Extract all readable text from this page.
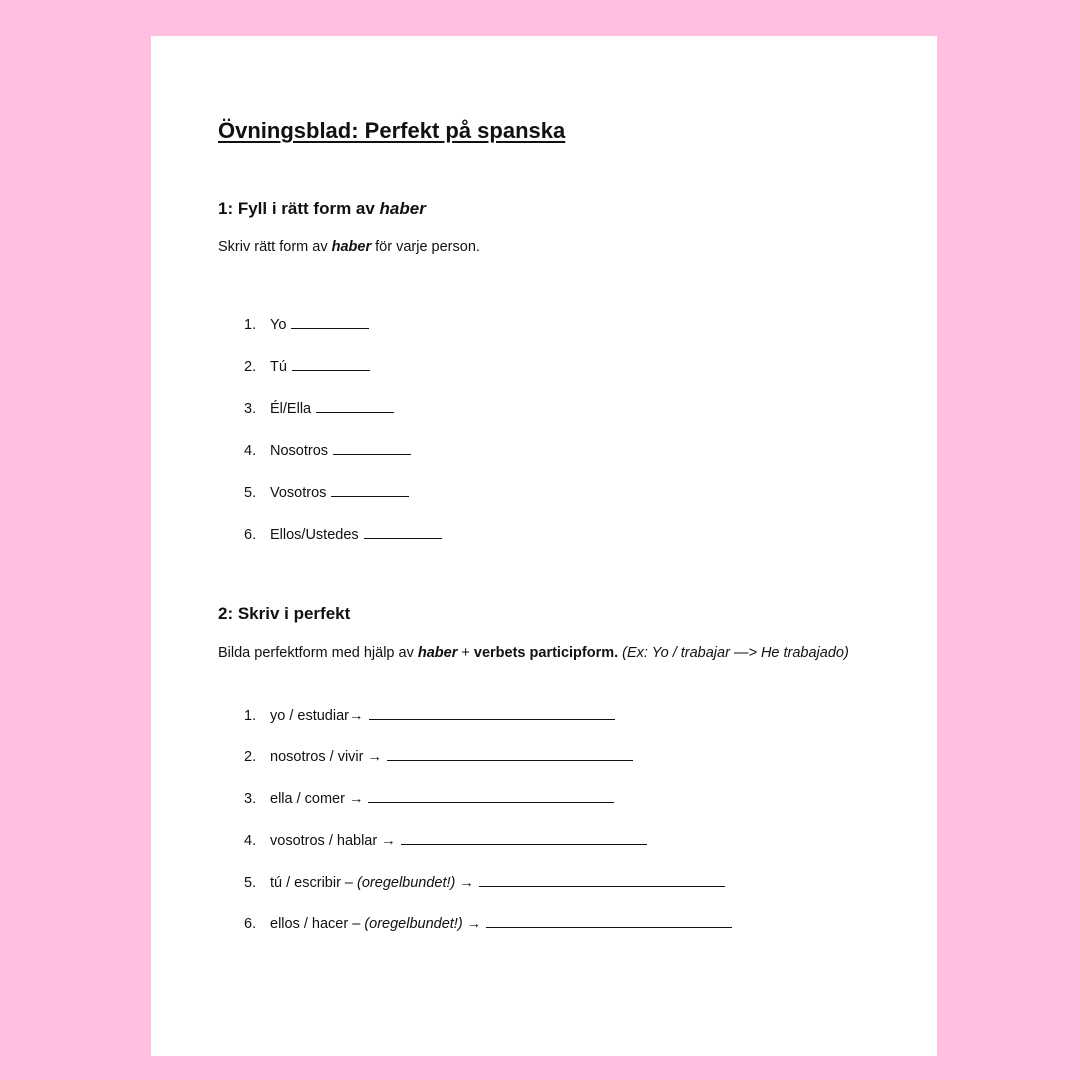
Övningsblad: Perfekt på spanska
1: Fyll i rätt form av haber

Skriv rätt form av haber för varje person.

1. Yo
2. Tú
3. Él/Ella
4. Nosotros
5. Vosotros
6. Ellos/Ustedes
2: Skriv i perfekt

Bilda perfektform med hjälp av haber + verbets participform. (Ex: Yo / trabajar —> He trabajado)

1. yo / estudiar→
2. nosotros / vivir →
3. ella / comer →
4. vosotros / hablar →
5. tú / escribir – (oregelbundet!) →
6. ellos / hacer – (oregelbundet!) →
